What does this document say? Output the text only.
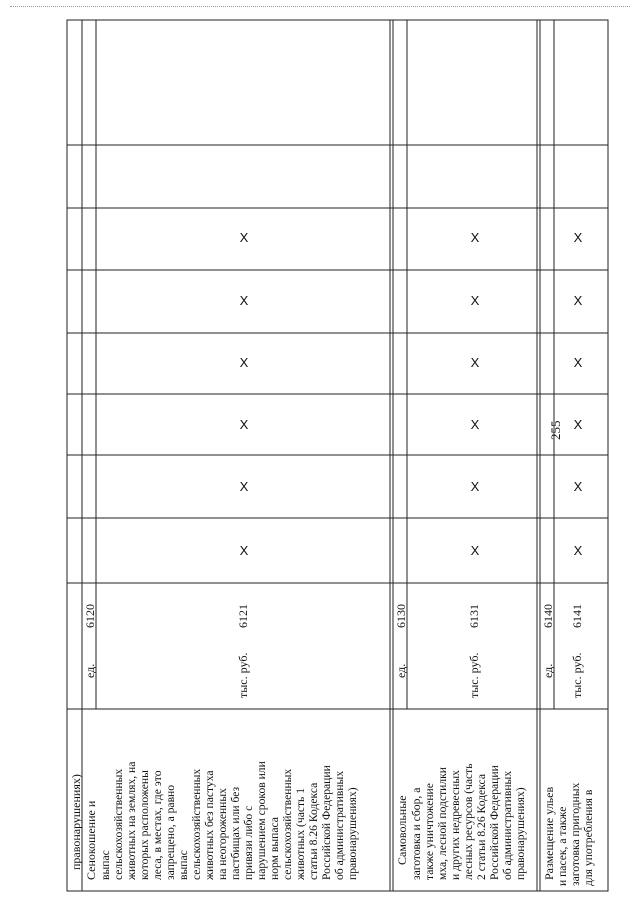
255
правонарушениях) Сенокошение и выпас сельскохозяйственных животных на землях, на которых расположены леса, в местах, где это запрещено, а равно выпас сельскохозяйственных животных без пастуха на неогороженных пастбищах или без привязи либо с нарушением сроков или норм выпаса сельскохозяйственных животных (часть 1 статьи 8.26 Кодекса Российской Федерации об административных правонарушениях)
ед.
6120
тыс. руб.
6121
X
X
X
X
X
X
Самовольные заготовка и сбор, а также уничтожение мха, лесной подстилки и других недревесных лесных ресурсов (часть 2 статьи 8.26 Кодекса Российской Федерации об административных правонарушениях)
ед.
6130
тыс. руб.
6131
X
X
X
X
X
X
Размещение ульев и пасек, а также заготовка пригодных для употребления в
ед.
6140
тыс. руб.
6141
X
X
X
X
X
X
